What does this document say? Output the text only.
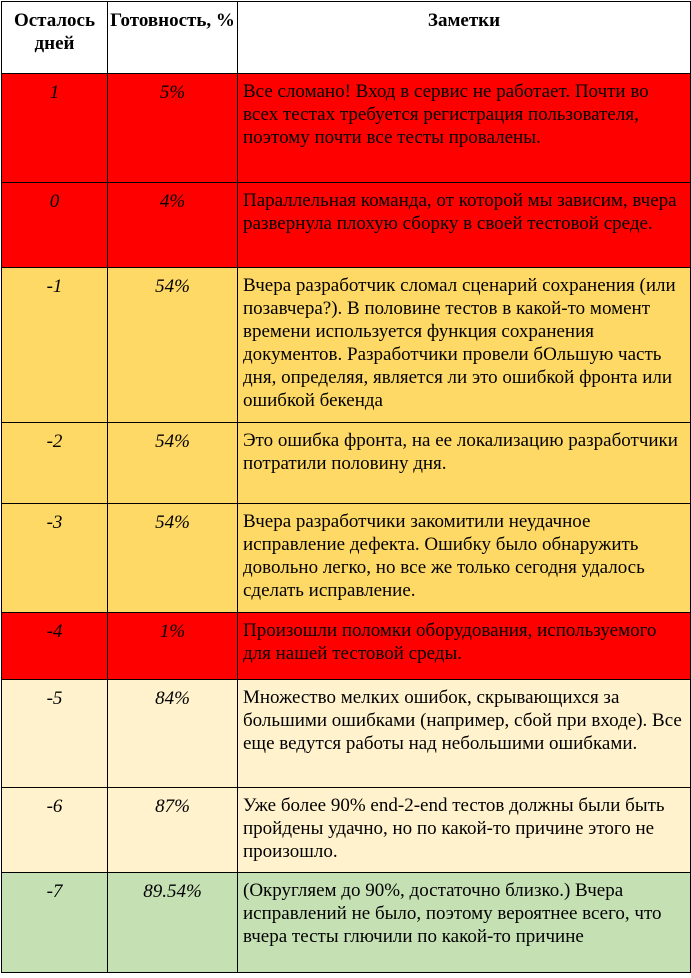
Осталось дней	Готовность, %	Заметки
1	5%	Все сломано! Вход в сервис не работает. Почти во всех тестах требуется регистрация пользователя, поэтому почти все тесты провалены.
0	4%	Параллельная команда, от которой мы зависим, вчера развернула плохую сборку в своей тестовой среде.
-1	54%	Вчера разработчик сломал сценарий сохранения (или позавчера?). В половине тестов в какой-то момент времени используется функция сохранения документов. Разработчики провели бОльшую часть дня, определяя, является ли это ошибкой фронта или ошибкой бекенда
-2	54%	Это ошибка фронта, на ее локализацию разработчики потратили половину дня.
-3	54%	Вчера разработчики закомитили неудачное исправление дефекта. Ошибку было обнаружить довольно легко, но все же только сегодня удалось сделать исправление.
-4	1%	Произошли поломки оборудования, используемого для нашей тестовой среды.
-5	84%	Множество мелких ошибок, скрывающихся за большими ошибками (например, сбой при входе). Все еще ведутся работы над небольшими ошибками.
-6	87%	Уже более 90% end-2-end тестов должны были быть пройдены удачно, но по какой-то причине этого не произошло.
-7	89.54%	(Округляем до 90%, достаточно близко.) Вчера исправлений не было, поэтому вероятнее всего, что вчера тесты глючили по какой-то причине
